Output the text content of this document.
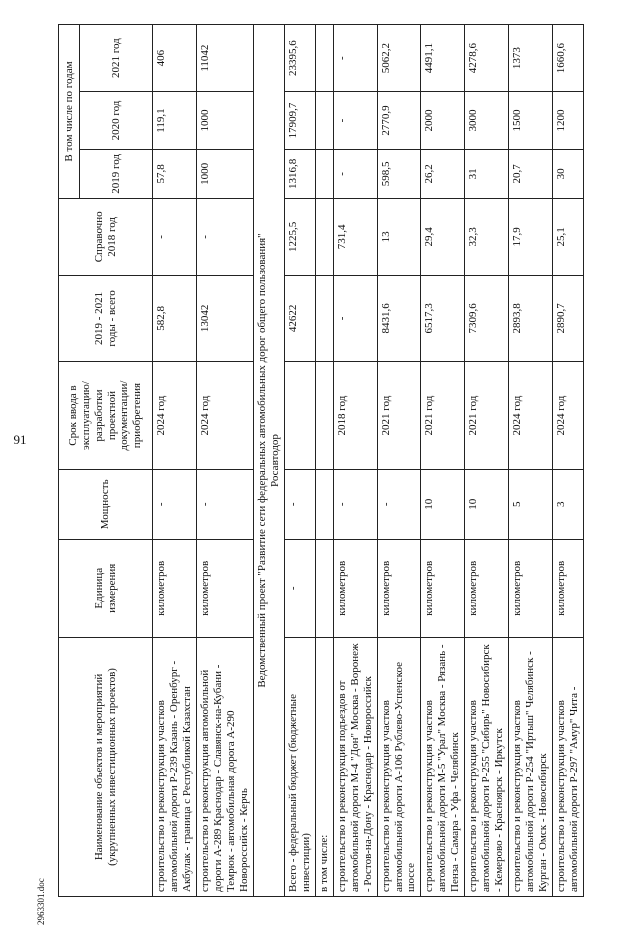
91
2963301.doc
Наименование объектов и мероприятий (укрупненных инвестиционных проектов)	Единица измерения	Мощность	Срок ввода в эксплуатацию/ разработки проектной документации/ приобретения	2019 - 2021 годы - всего	Справочно 2018 год	В том числе по годам		
						2019 год	2020 год	2021 год
строительство и реконструкция участков автомобильной дороги Р-239 Казань - Оренбург - Акбулак - граница с Республикой Казахстан	километров	-	2024 год	582,8	-	57,8	119,1	406
строительство и реконструкция автомобильной дороги А-289 Краснодар - Славянск-на-Кубани - Темрюк - автомобильная дорога А-290 Новороссийск - Керчь	километров	-	2024 год	13042	-	1000	1000	11042

Ведомственный проект "Развитие сети федеральных автомобильных дорог общего пользования" Росавтодор								

Всего - федеральный бюджет (бюджетные инвестиции)	-	-		42622	1225,5	1316,8	17909,7	23395,6
в том числе:								
строительство и реконструкция подъездов от автомобильной дороги М-4 "Дон" Москва - Воронеж - Ростов-на-Дону - Краснодар - Новороссийск	километров	-	2018 год	-	731,4	-	-	-
строительство и реконструкция участков автомобильной дороги А-106 Рублево-Успенское шоссе	километров	-	2021 год	8431,6	13	598,5	2770,9	5062,2
строительство и реконструкция участков автомобильной дороги М-5 "Урал" Москва - Рязань - Пенза - Самара - Уфа - Челябинск	километров	10	2021 год	6517,3	29,4	26,2	2000	4491,1
строительство и реконструкция участков автомобильной дороги Р-255 "Сибирь" Новосибирск - Кемерово - Красноярск - Иркутск	километров	10	2021 год	7309,6	32,3	31	3000	4278,6
строительство и реконструкция участков автомобильной дороги Р-254 "Иртыш" Челябинск - Курган - Омск - Новосибирск	километров	5	2024 год	2893,8	17,9	20,7	1500	1373
строительство и реконструкция участков автомобильной дороги Р-297 "Амур" Чита -	километров	3	2024 год	2890,7	25,1	30	1200	1660,6
